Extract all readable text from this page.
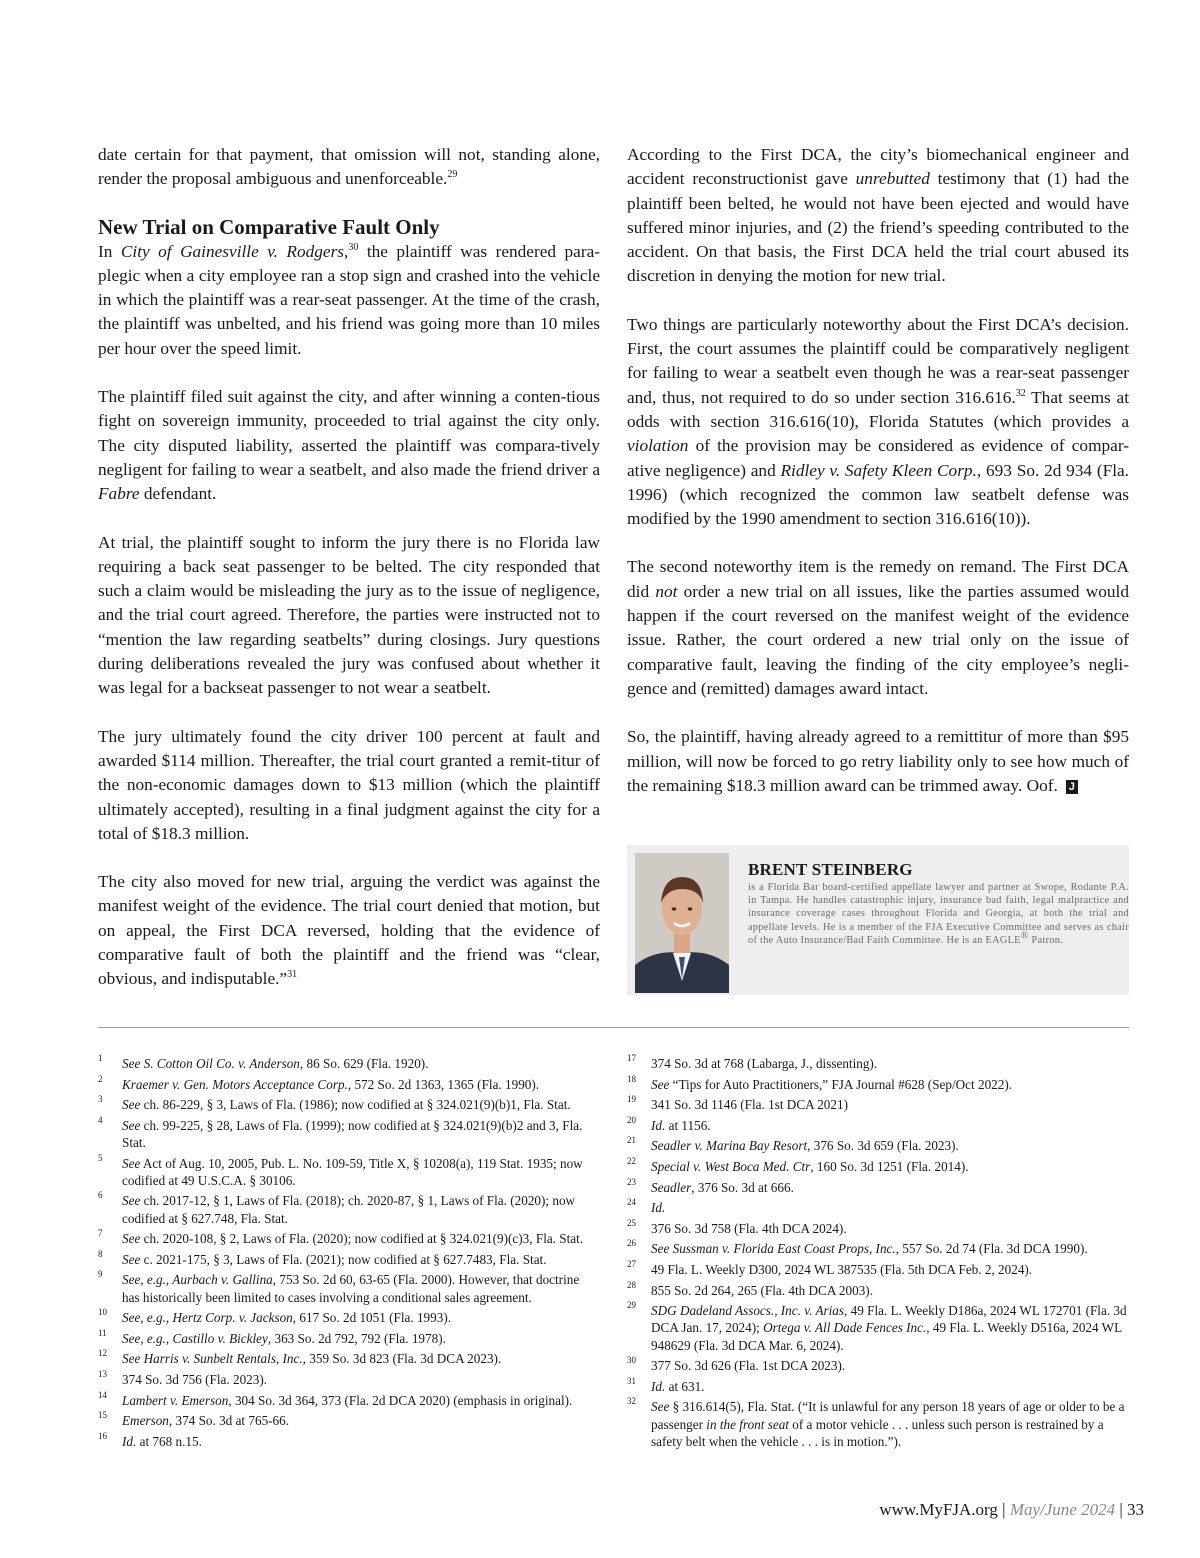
date certain for that payment, that omission will not, standing alone, render the proposal ambiguous and unenforceable.$^{29}$

New Trial on Comparative Fault Only

In City of Gainesville v. Rodgers,$^{30}$ the plaintiff was rendered para-plegic when a city employee ran a stop sign and crashed into the vehicle in which the plaintiff was a rear-seat passenger. At the time of the crash, the plaintiff was unbelted, and his friend was going more than 10 miles per hour over the speed limit.

The plaintiff filed suit against the city, and after winning a conten-tious fight on sovereign immunity, proceeded to trial against the city only. The city disputed liability, asserted the plaintiff was compara-tively negligent for failing to wear a seatbelt, and also made the friend driver a Fabre defendant.

At trial, the plaintiff sought to inform the jury there is no Florida law requiring a back seat passenger to be belted. The city responded that such a claim would be misleading the jury as to the issue of negligence, and the trial court agreed. Therefore, the parties were instructed not to “mention the law regarding seatbelts” during closings. Jury questions during deliberations revealed the jury was confused about whether it was legal for a backseat passenger to not wear a seatbelt.

The jury ultimately found the city driver 100 percent at fault and awarded $114 million. Thereafter, the trial court granted a remit-titur of the non-economic damages down to $13 million (which the plaintiff ultimately accepted), resulting in a final judgment against the city for a total of $18.3 million.

The city also moved for new trial, arguing the verdict was against the manifest weight of the evidence. The trial court denied that motion, but on appeal, the First DCA reversed, holding that the evidence of comparative fault of both the plaintiff and the friend was “clear, obvious, and indisputable.”$^{31}$

According to the First DCA, the city’s biomechanical engineer and accident reconstructionist gave unrebutted testimony that (1) had the plaintiff been belted, he would not have been ejected and would have suffered minor injuries, and (2) the friend’s speeding contributed to the accident. On that basis, the First DCA held the trial court abused its discretion in denying the motion for new trial.

Two things are particularly noteworthy about the First DCA’s decision. First, the court assumes the plaintiff could be comparatively negligent for failing to wear a seatbelt even though he was a rear-seat passenger and, thus, not required to do so under section 316.616.32 That seems at odds with section 316.616(10), Florida Statutes (which provides a violation of the provision may be considered as evidence of compar-ative negligence) and Ridley v. Safety Kleen Corp., 693 So. 2d 934 (Fla. 1996) (which recognized the common law seatbelt defense was modified by the 1990 amendment to section 316.616(10)).

The second noteworthy item is the remedy on remand. The First DCA did not order a new trial on all issues, like the parties assumed would happen if the court reversed on the manifest weight of the evidence issue. Rather, the court ordered a new trial only on the issue of comparative fault, leaving the finding of the city employee’s negli-gence and (remitted) damages award intact.

So, the plaintiff, having already agreed to a remittitur of more than $95 million, will now be forced to go retry liability only to see how much of the remaining $18.3 million award can be trimmed away. Oof. J

BRENT STEINBERG

is a Florida Bar board-certified appellate lawyer and partner at Swope, Rodante P.A. in Tampa. He handles catastrophic injury, insurance bad faith, legal malpractice and insurance coverage cases throughout Florida and Georgia, at both the trial and appellate levels. He is a member of the FJA Executive Committee and serves as chair of the Auto Insurance/Bad Faith Committee. He is an EAGLE® Patron.

1 See S. Cotton Oil Co. v. Anderson, 86 So. 629 (Fla. 1920).

2 Kraemer v. Gen. Motors Acceptance Corp., 572 So. 2d 1363, 1365 (Fla. 1990).

3 See ch. 86-229, § 3, Laws of Fla. (1986); now codified at § 324.021(9)(b)1, Fla. Stat.

4 See ch. 99-225, § 28, Laws of Fla. (1999); now codified at § 324.021(9)(b)2 and 3, Fla. Stat.

5 See Act of Aug. 10, 2005, Pub. L. No. 109-59, Title X, § 10208(a), 119 Stat. 1935; now codified at 49 U.S.C.A. § 30106.

6 See ch. 2017-12, § 1, Laws of Fla. (2018); ch. 2020-87, § 1, Laws of Fla. (2020); now codified at § 627.748, Fla. Stat.

7 See ch. 2020-108, § 2, Laws of Fla. (2020); now codified at § 324.021(9)(c)3, Fla. Stat.

8 See c. 2021-175, § 3, Laws of Fla. (2021); now codified at § 627.7483, Fla. Stat.

9 See, e.g., Aurbach v. Gallina, 753 So. 2d 60, 63-65 (Fla. 2000). However, that doctrine has historically been limited to cases involving a conditional sales agreement.

10 See, e.g., Hertz Corp. v. Jackson, 617 So. 2d 1051 (Fla. 1993).

11 See, e.g., Castillo v. Bickley, 363 So. 2d 792, 792 (Fla. 1978).

12 See Harris v. Sunbelt Rentals, Inc., 359 So. 3d 823 (Fla. 3d DCA 2023).

13 374 So. 3d 756 (Fla. 2023).

14 Lambert v. Emerson, 304 So. 3d 364, 373 (Fla. 2d DCA 2020) (emphasis in original).

15 Emerson, 374 So. 3d at 765-66.

16 Id. at 768 n.15.

17 374 So. 3d at 768 (Labarga, J., dissenting).

18 See “Tips for Auto Practitioners,” FJA Journal #628 (Sep/Oct 2022).

19 341 So. 3d 1146 (Fla. 1st DCA 2021)

20 Id. at 1156.

21 Seadler v. Marina Bay Resort, 376 So. 3d 659 (Fla. 2023).

22 Special v. West Boca Med. Ctr, 160 So. 3d 1251 (Fla. 2014).

23 Seadler, 376 So. 3d at 666.

24 Id.

25 376 So. 3d 758 (Fla. 4th DCA 2024).

26 See Sussman v. Florida East Coast Props, Inc., 557 So. 2d 74 (Fla. 3d DCA 1990).

27 49 Fla. L. Weekly D300, 2024 WL 387535 (Fla. 5th DCA Feb. 2, 2024).

28 855 So. 2d 264, 265 (Fla. 4th DCA 2003).

29 SDG Dadeland Assocs., Inc. v. Arias, 49 Fla. L. Weekly D186a, 2024 WL 172701 (Fla. 3d DCA Jan. 17, 2024); Ortega v. All Dade Fences Inc., 49 Fla. L. Weekly D516a, 2024 WL 948629 (Fla. 3d DCA Mar. 6, 2024).

30 377 So. 3d 626 (Fla. 1st DCA 2023).

31 Id. at 631.

32 See § 316.614(5), Fla. Stat. (“It is unlawful for any person 18 years of age or older to be a passenger in the front seat of a motor vehicle . . . unless such person is restrained by a safety belt when the vehicle . . . is in motion.”).

www.MyFJA.org | May/June 2024 | 33
